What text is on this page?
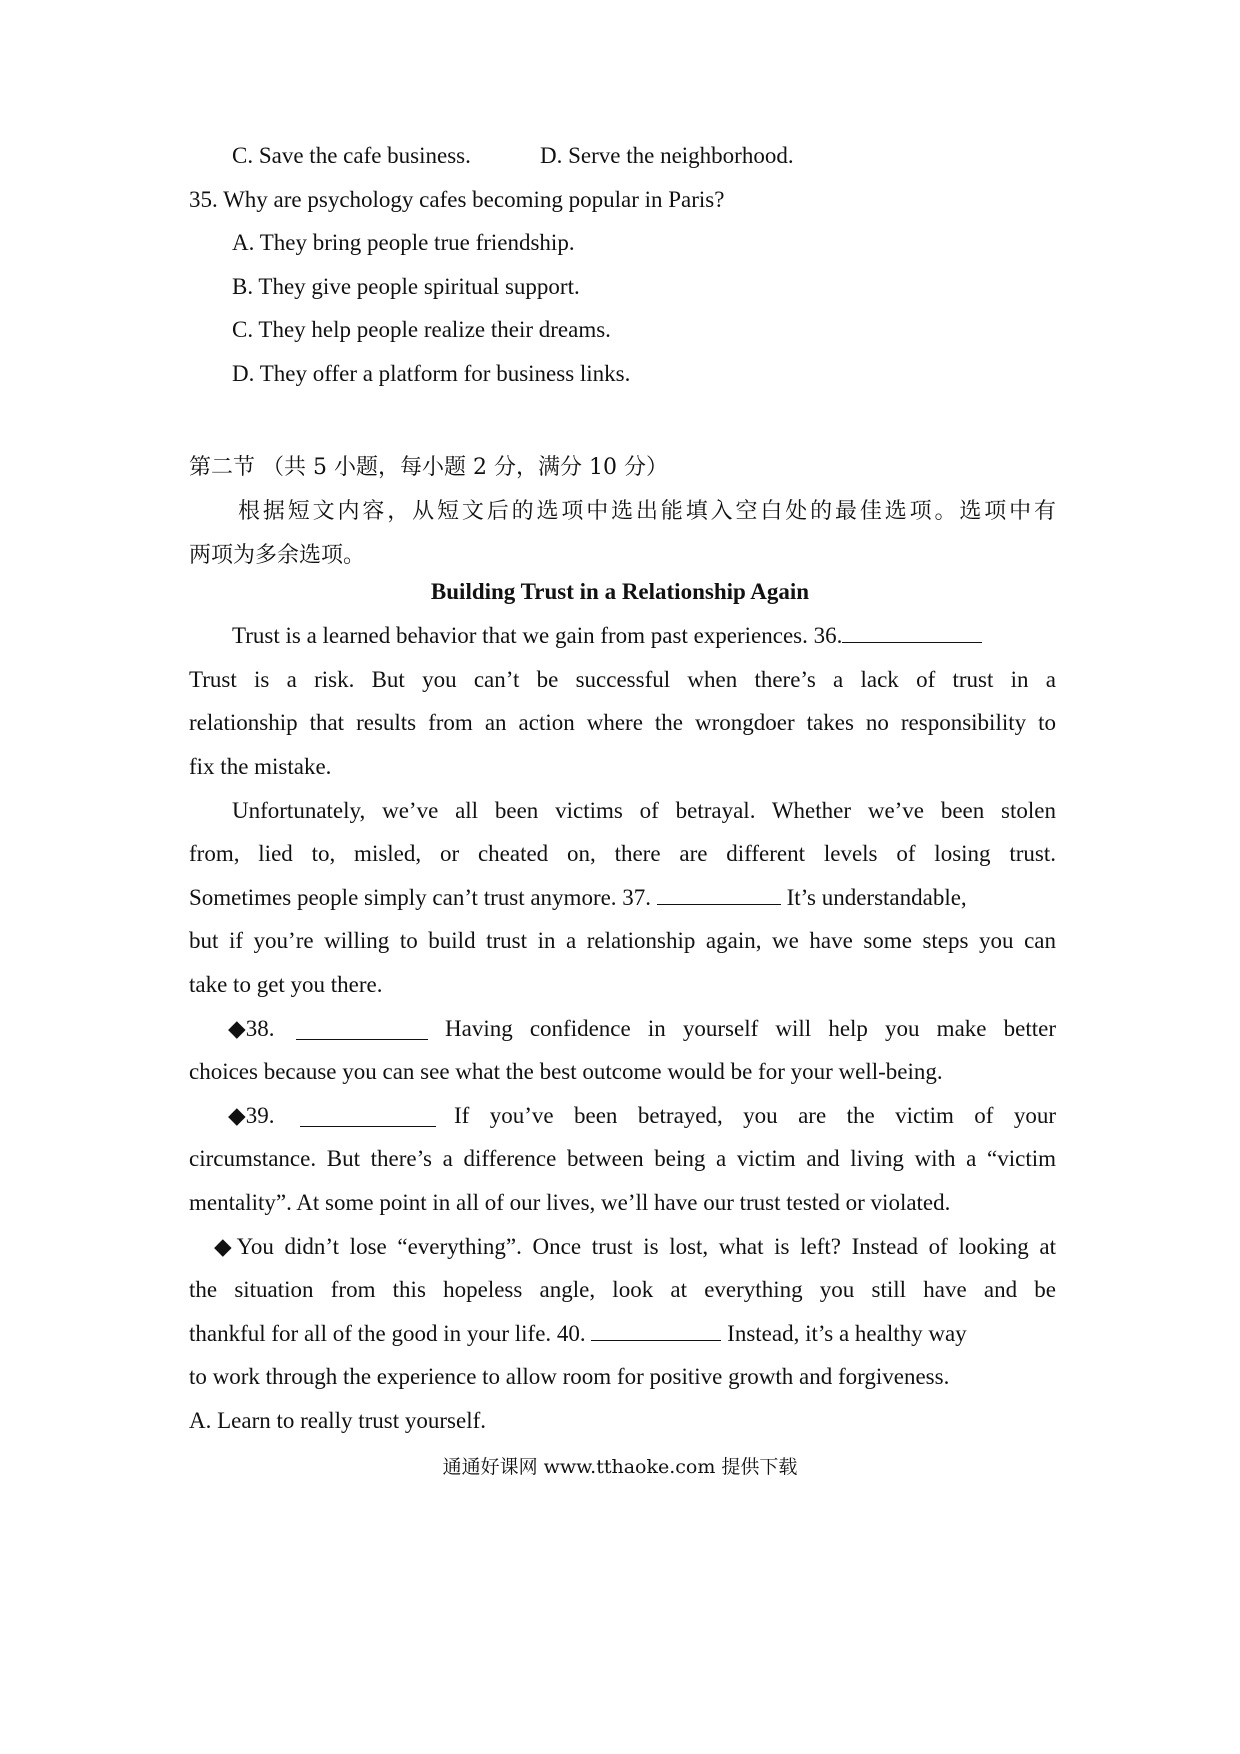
C. Save the cafe business.	D. Serve the neighborhood.
35. Why are psychology cafes becoming popular in Paris?
A. They bring people true friendship.
B. They give people spiritual support.
C. They help people realize their dreams.
D. They offer a platform for business links.
第二节 （共 5 小题，每小题 2 分，满分 10 分）
根据短文内容，从短文后的选项中选出能填入空白处的最佳选项。选项中有
两项为多余选项。
Building Trust in a Relationship Again
Trust is a learned behavior that we gain from past experiences. 36.
Trust is a risk. But you can’t be successful when there’s a lack of trust in a
relationship that results from an action where the wrongdoer takes no responsibility to
fix the mistake.
Unfortunately, we’ve all been victims of betrayal. Whether we’ve been stolen
from, lied to, misled, or cheated on, there are different levels of losing trust.
Sometimes people simply can’t trust anymore. 37.	It’s understandable,
but if you’re willing to build trust in a relationship again, we have some steps you can
take to get you there.
◆38.	Having confidence in yourself will help you make better
choices because you can see what the best outcome would be for your well-being.
◆39.	If you’ve been betrayed, you are the victim of your
circumstance. But there’s a difference between being a victim and living with a “victim
mentality”. At some point in all of our lives, we’ll have our trust tested or violated.
◆You didn’t lose “everything”. Once trust is lost, what is left? Instead of looking at
the situation from this hopeless angle, look at everything you still have and be
thankful for all of the good in your life. 40.	Instead, it’s a healthy way
to work through the experience to allow room for positive growth and forgiveness.
A. Learn to really trust yourself.
通通好课网 www.tthaoke.com 提供下载
